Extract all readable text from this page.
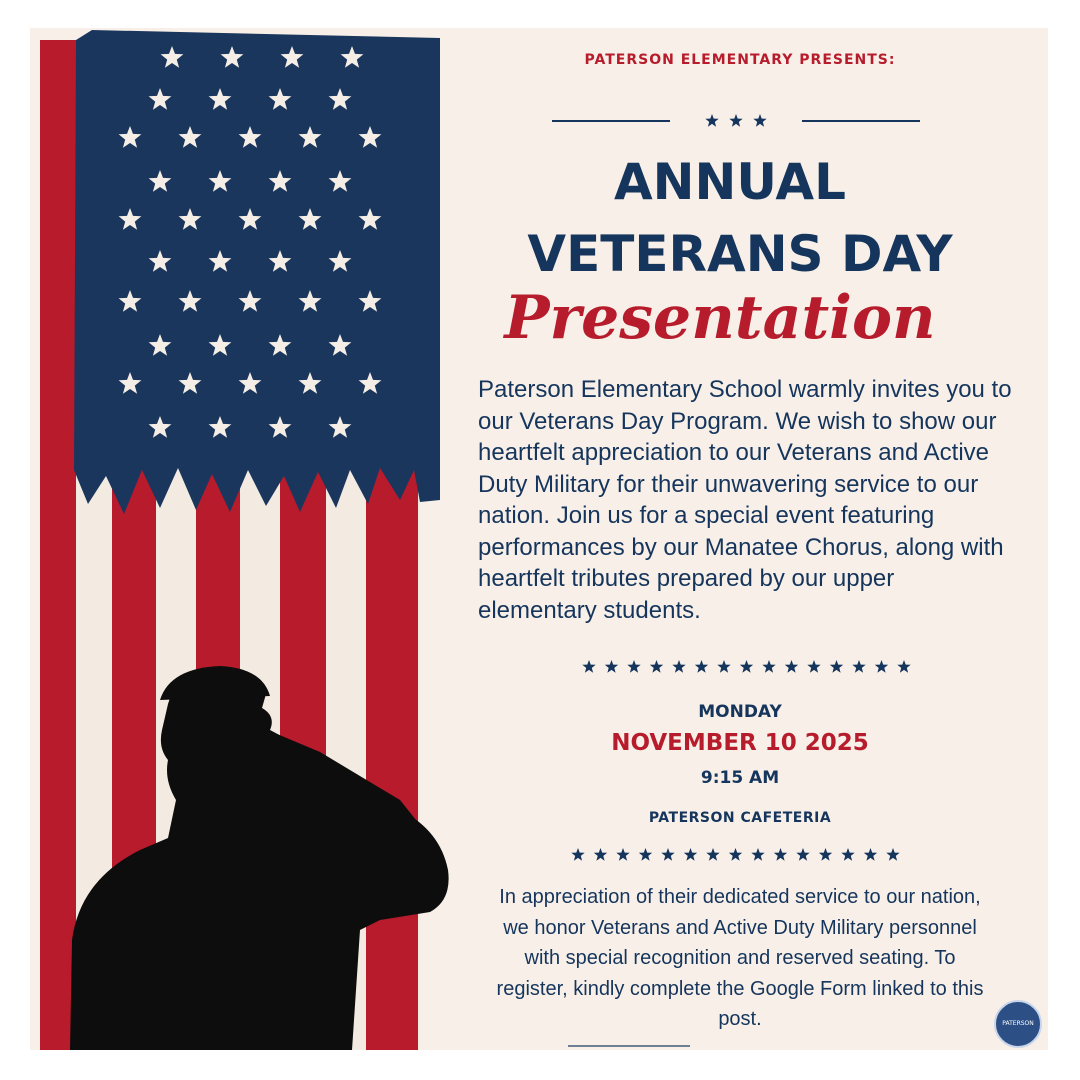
PATERSON ELEMENTARY PRESENTS:

ANNUAL
VETERANS DAY
Presentation

Paterson Elementary School warmly invites you to our Veterans Day Program. We wish to show our heartfelt appreciation to our Veterans and Active Duty Military for their unwavering service to our nation. Join us for a special event featuring performances by our Manatee Chorus, along with heartfelt tributes prepared by our upper elementary students.

MONDAY

NOVEMBER 10 2025

9:15 AM

PATERSON CAFETERIA

In appreciation of their dedicated service to our nation, we honor Veterans and Active Duty Military personnel with special recognition and reserved seating. To register, kindly complete the Google Form linked to this post.	PATERSON
